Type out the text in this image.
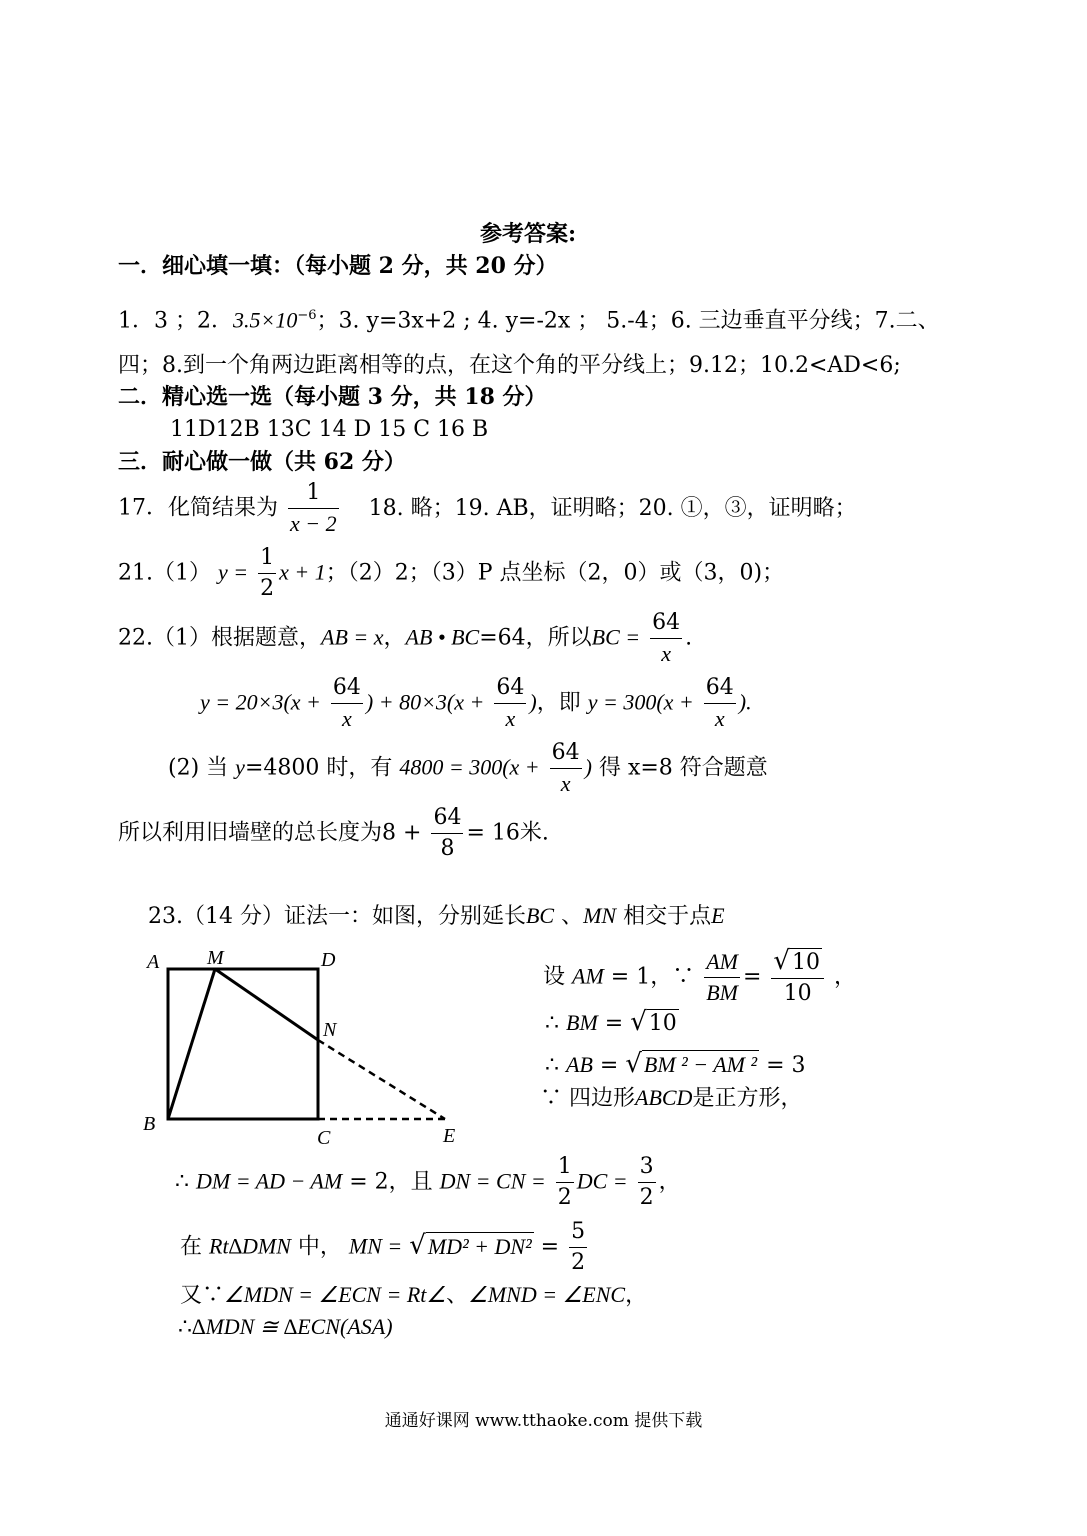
参考答案:
一．细心填一填：（每小题 2 分，共 20 分）
1．3 ；2．$3.5\times 10^{-6}$；3. y=3x+2 ; 4. y=-2x ； 5.-4；6. 三边垂直平分线；7.二、
四；8.到一个角两边距离相等的点，在这个角的平分线上；9.12；10.2<AD<6;
二．精心选一选（每小题 3 分，共 18 分）
11D12B 13C 14 D 15 C 16 B
三．耐心做一做（共 62 分）
17．化简结果为 $\frac{1}{x - 2} 18$. 略；19. AB，证明略；20. ①，③，证明略；
21.（1） $y = \frac{1}{2}$ x + 1；（2）2；（3）P 点坐标（2，0）或（3，0)；
22.（1）根据题意，AB = x，AB • BC=64，所以BC = $\frac{64}{x}$ .
$y = 20\times 3(x + \frac{64}{x}$ ) + $80\times 3(x + \frac{64}{x}$ )，即 $y = 300(x + \frac{64}{x}$ ).
(2) 当 y=4800 时，有 $4800 = 300(x + \frac{64}{x}$ ) 得 x=8 符合题意
所以利用旧墙壁的总长度为$8 + \frac{64}{8} = 16$米.
23.（14 分）证法一：如图，分别延长BC 、MN 相交于点E
A M	D
N
B
C	E
设 AM = 1，∵ $\frac{AM}{BM} = \frac{√10}{10}$ ，
∴ BM = √10
∴ AB = √BM ² − AM ² = 3
∵ 四边形ABCD是正方形，
∴ DM = AD − AM = 2，且 DN = CN = $\frac{1}{2}$ DC = $\frac{3}{2}$ ，
在 Rt∆DMN 中， MN = $√MD^2 + DN^2 = \frac{5}{2}$
又∵∠MDN = ∠ECN = Rt∠、∠MND = ∠ENC，
∴∆MDN ≅ ∆ECN(ASA)
通通好课网 www.tthaoke.com 提供下载
